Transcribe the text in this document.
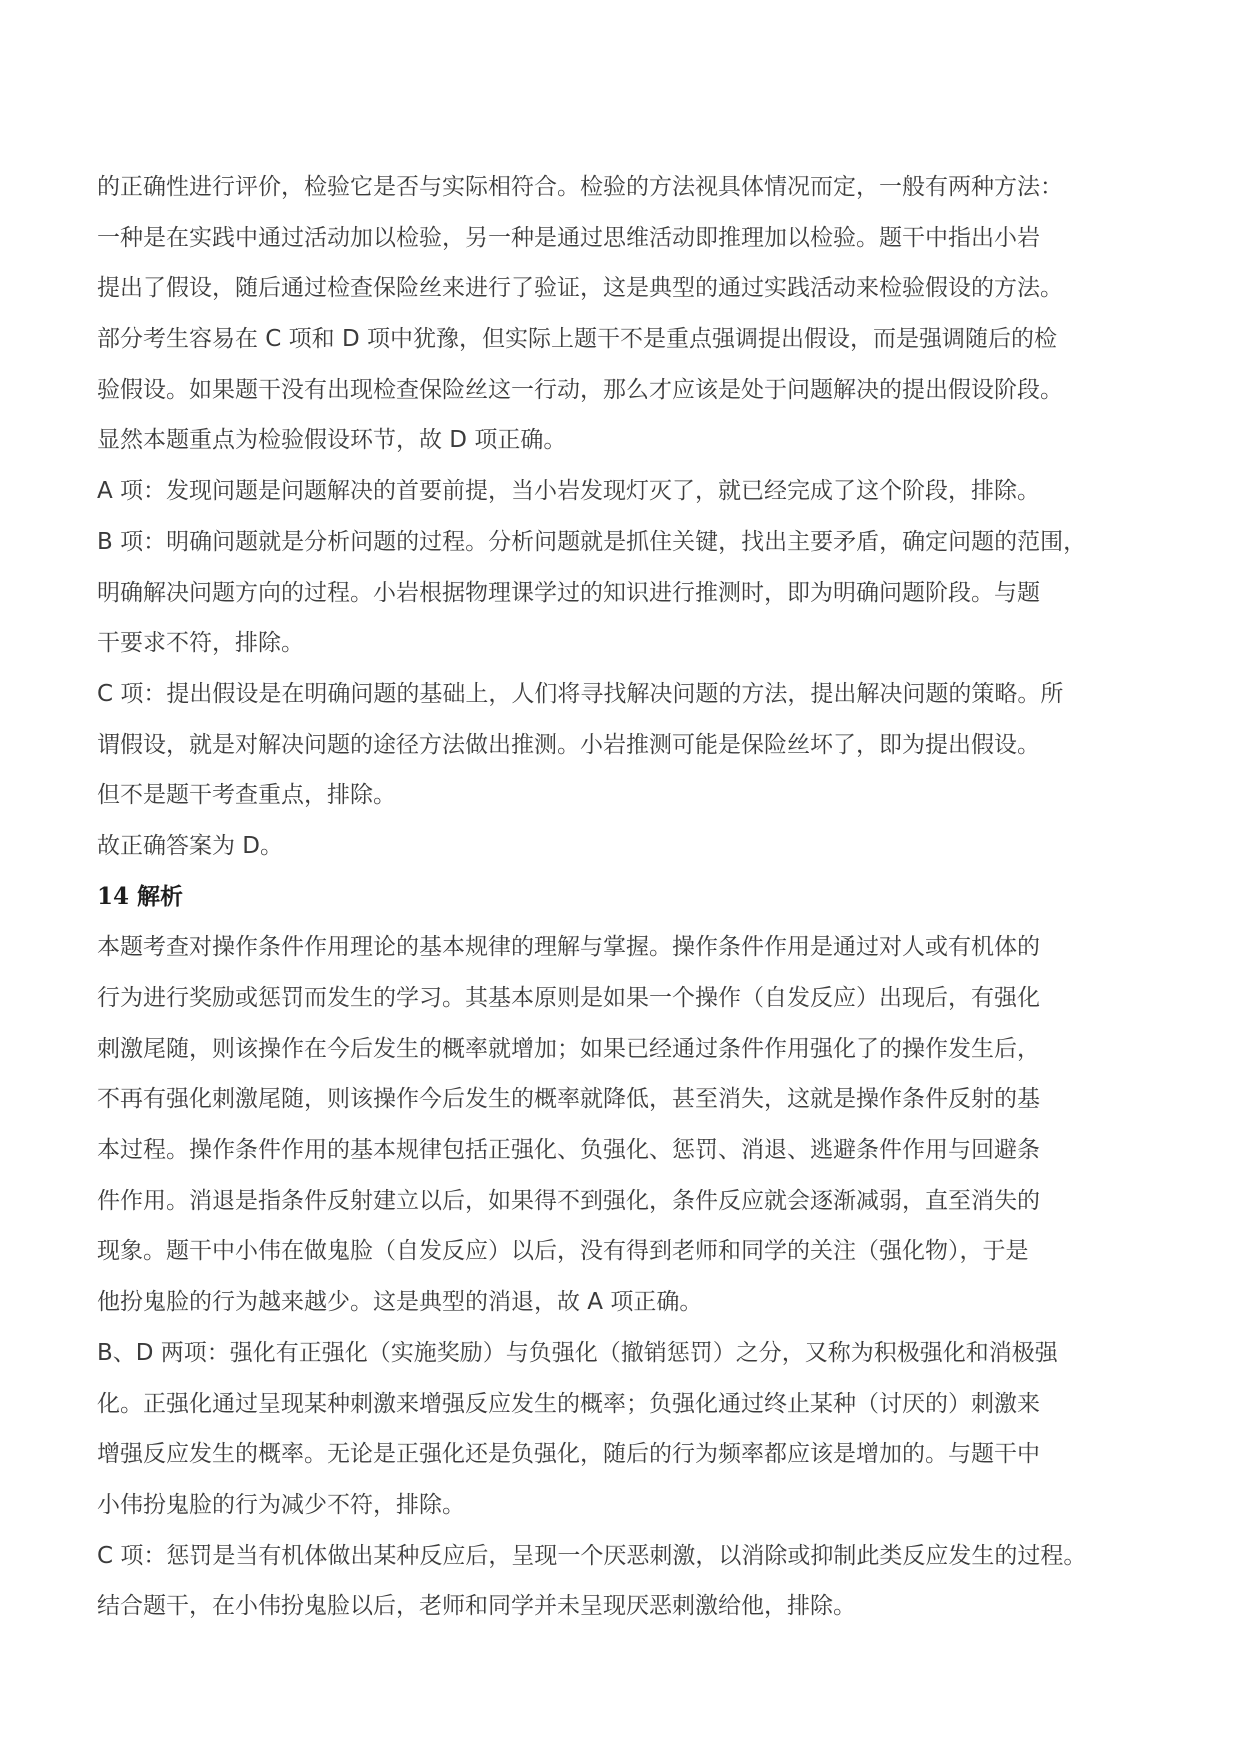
的正确性进行评价，检验它是否与实际相符合。检验的方法视具体情况而定，一般有两种方法：
一种是在实践中通过活动加以检验，另一种是通过思维活动即推理加以检验。题干中指出小岩
提出了假设，随后通过检查保险丝来进行了验证，这是典型的通过实践活动来检验假设的方法。
部分考生容易在 C 项和 D 项中犹豫，但实际上题干不是重点强调提出假设，而是强调随后的检
验假设。如果题干没有出现检查保险丝这一行动，那么才应该是处于问题解决的提出假设阶段。
显然本题重点为检验假设环节，故 D 项正确。
A 项：发现问题是问题解决的首要前提，当小岩发现灯灭了，就已经完成了这个阶段，排除。
B 项：明确问题就是分析问题的过程。分析问题就是抓住关键，找出主要矛盾，确定问题的范围，
明确解决问题方向的过程。小岩根据物理课学过的知识进行推测时，即为明确问题阶段。与题
干要求不符，排除。
C 项：提出假设是在明确问题的基础上，人们将寻找解决问题的方法，提出解决问题的策略。所
谓假设，就是对解决问题的途径方法做出推测。小岩推测可能是保险丝坏了，即为提出假设。
但不是题干考查重点，排除。
故正确答案为 D。
14 解析
本题考查对操作条件作用理论的基本规律的理解与掌握。操作条件作用是通过对人或有机体的
行为进行奖励或惩罚而发生的学习。其基本原则是如果一个操作（自发反应）出现后，有强化
刺激尾随，则该操作在今后发生的概率就增加；如果已经通过条件作用强化了的操作发生后，
不再有强化刺激尾随，则该操作今后发生的概率就降低，甚至消失，这就是操作条件反射的基
本过程。操作条件作用的基本规律包括正强化、负强化、惩罚、消退、逃避条件作用与回避条
件作用。消退是指条件反射建立以后，如果得不到强化，条件反应就会逐渐减弱，直至消失的
现象。题干中小伟在做鬼脸（自发反应）以后，没有得到老师和同学的关注（强化物），于是
他扮鬼脸的行为越来越少。这是典型的消退，故 A 项正确。
B、D 两项：强化有正强化（实施奖励）与负强化（撤销惩罚）之分，又称为积极强化和消极强
化。正强化通过呈现某种刺激来增强反应发生的概率；负强化通过终止某种（讨厌的）刺激来
增强反应发生的概率。无论是正强化还是负强化，随后的行为频率都应该是增加的。与题干中
小伟扮鬼脸的行为减少不符，排除。
C 项：惩罚是当有机体做出某种反应后，呈现一个厌恶刺激，以消除或抑制此类反应发生的过程。
结合题干，在小伟扮鬼脸以后，老师和同学并未呈现厌恶刺激给他，排除。
